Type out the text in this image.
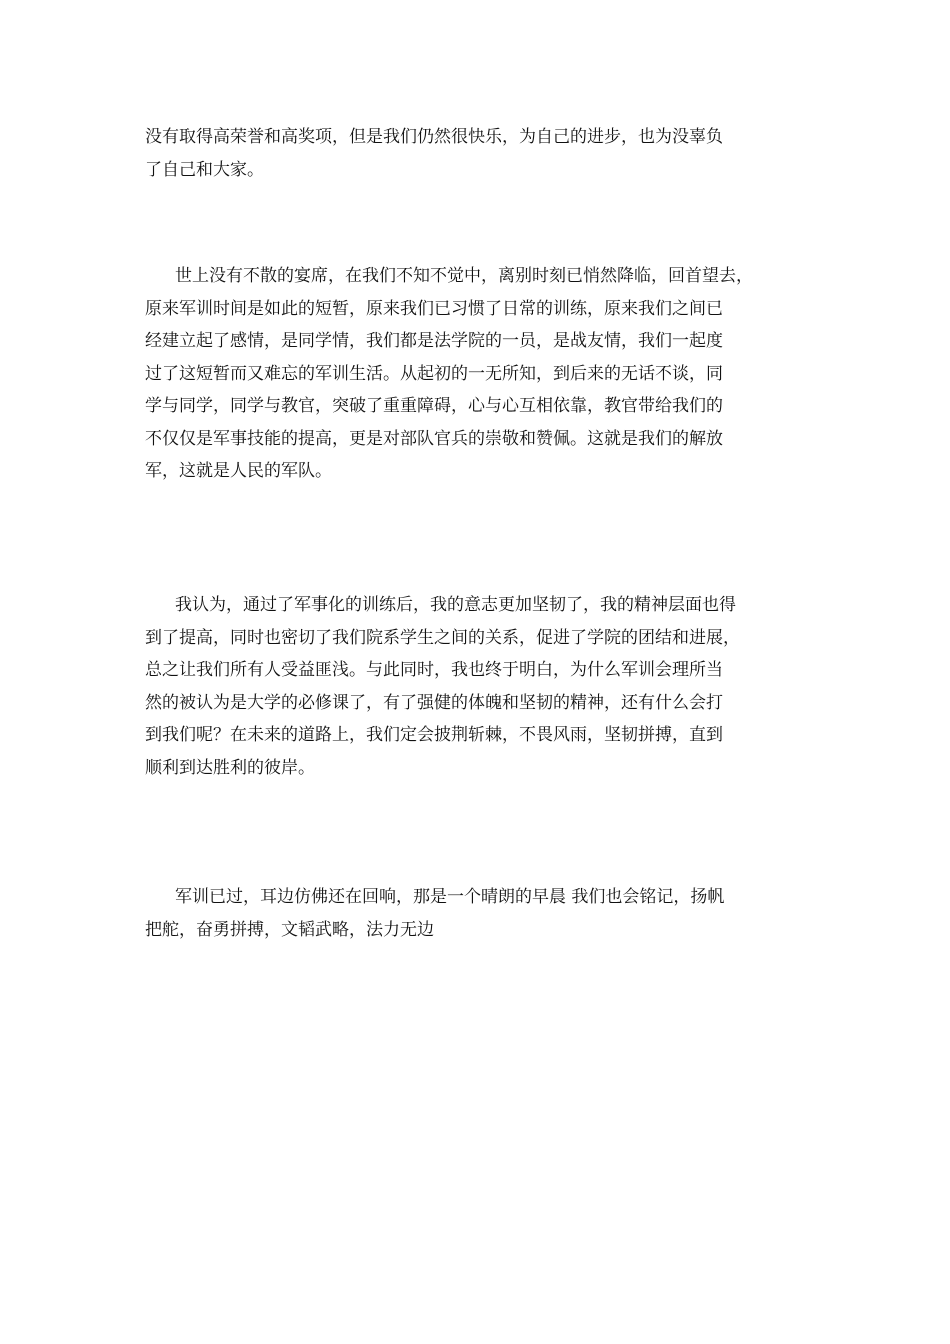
没有取得高荣誉和高奖项，但是我们仍然很快乐，为自己的进步，也为没辜负
了自己和大家。

世上没有不散的宴席，在我们不知不觉中，离别时刻已悄然降临，回首望去，
原来军训时间是如此的短暂，原来我们已习惯了日常的训练，原来我们之间已
经建立起了感情，是同学情，我们都是法学院的一员，是战友情，我们一起度
过了这短暂而又难忘的军训生活。从起初的一无所知，到后来的无话不谈，同
学与同学，同学与教官，突破了重重障碍，心与心互相依靠，教官带给我们的
不仅仅是军事技能的提高，更是对部队官兵的崇敬和赞佩。这就是我们的解放
军，这就是人民的军队。

我认为，通过了军事化的训练后，我的意志更加坚韧了，我的精神层面也得
到了提高，同时也密切了我们院系学生之间的关系，促进了学院的团结和进展，
总之让我们所有人受益匪浅。与此同时，我也终于明白，为什么军训会理所当
然的被认为是大学的必修课了，有了强健的体魄和坚韧的精神，还有什么会打
到我们呢？在未来的道路上，我们定会披荆斩棘，不畏风雨，坚韧拼搏，直到
顺利到达胜利的彼岸。

军训已过，耳边仿佛还在回响，那是一个晴朗的早晨 我们也会铭记，扬帆
把舵，奋勇拼搏，文韬武略，法力无边
